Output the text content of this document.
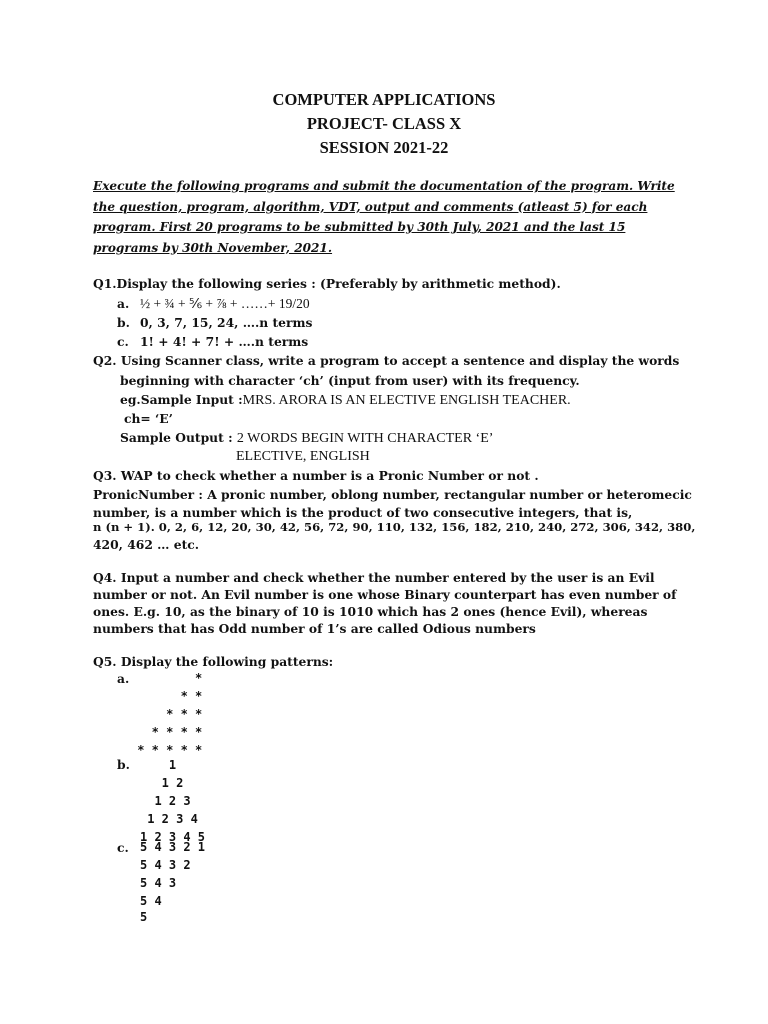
COMPUTER APPLICATIONS
PROJECT- CLASS X
SESSION 2021-22
Execute the following programs and submit the documentation of the program. Write the question, program, algorithm, VDT, output and comments (atleast 5) for each program. First 20 programs to be submitted by 30th July, 2021 and the last 15 programs by 30th November, 2021.
Q1.Display the following series : (Preferably by arithmetic method).
a. ½ + ¾ + ⅚ + ⅞ + ……+ 19/20
b. 0, 3, 7, 15, 24, ….n terms
c. 1! + 4! + 7! + ….n terms
Q2. Using Scanner class, write a program to accept a sentence and display the words
beginning with character ‘ch’ (input from user) with its frequency.
eg.Sample Input :MRS. ARORA IS AN ELECTIVE ENGLISH TEACHER.
ch= ‘E’
Sample Output : 2 WORDS BEGIN WITH CHARACTER ‘E’
ELECTIVE, ENGLISH
Q3. WAP to check whether a number is a Pronic Number or not .
PronicNumber : A pronic number, oblong number, rectangular number or heteromecic
number, is a number which is the product of two consecutive integers, that is,
n (n + 1). 0, 2, 6, 12, 20, 30, 42, 56, 72, 90, 110, 132, 156, 182, 210, 240, 272, 306, 342, 380,
420, 462 … etc.
Q4. Input a number and check whether the number entered by the user is an Evil
number or not. An Evil number is one whose Binary counterpart has even number of
ones. E.g. 10, as the binary of 10 is 1010 which has 2 ones (hence Evil), whereas
numbers that has Odd number of 1’s are called Odious numbers
Q5. Display the following patterns:
a. *
* *
* * *
* * * *
* * * * *
b. 1
1 2
1 2 3
1 2 3 4
1 2 3 4 5
c. 5 4 3 2 1
5 4 3 2
5 4 3
5 4
5
